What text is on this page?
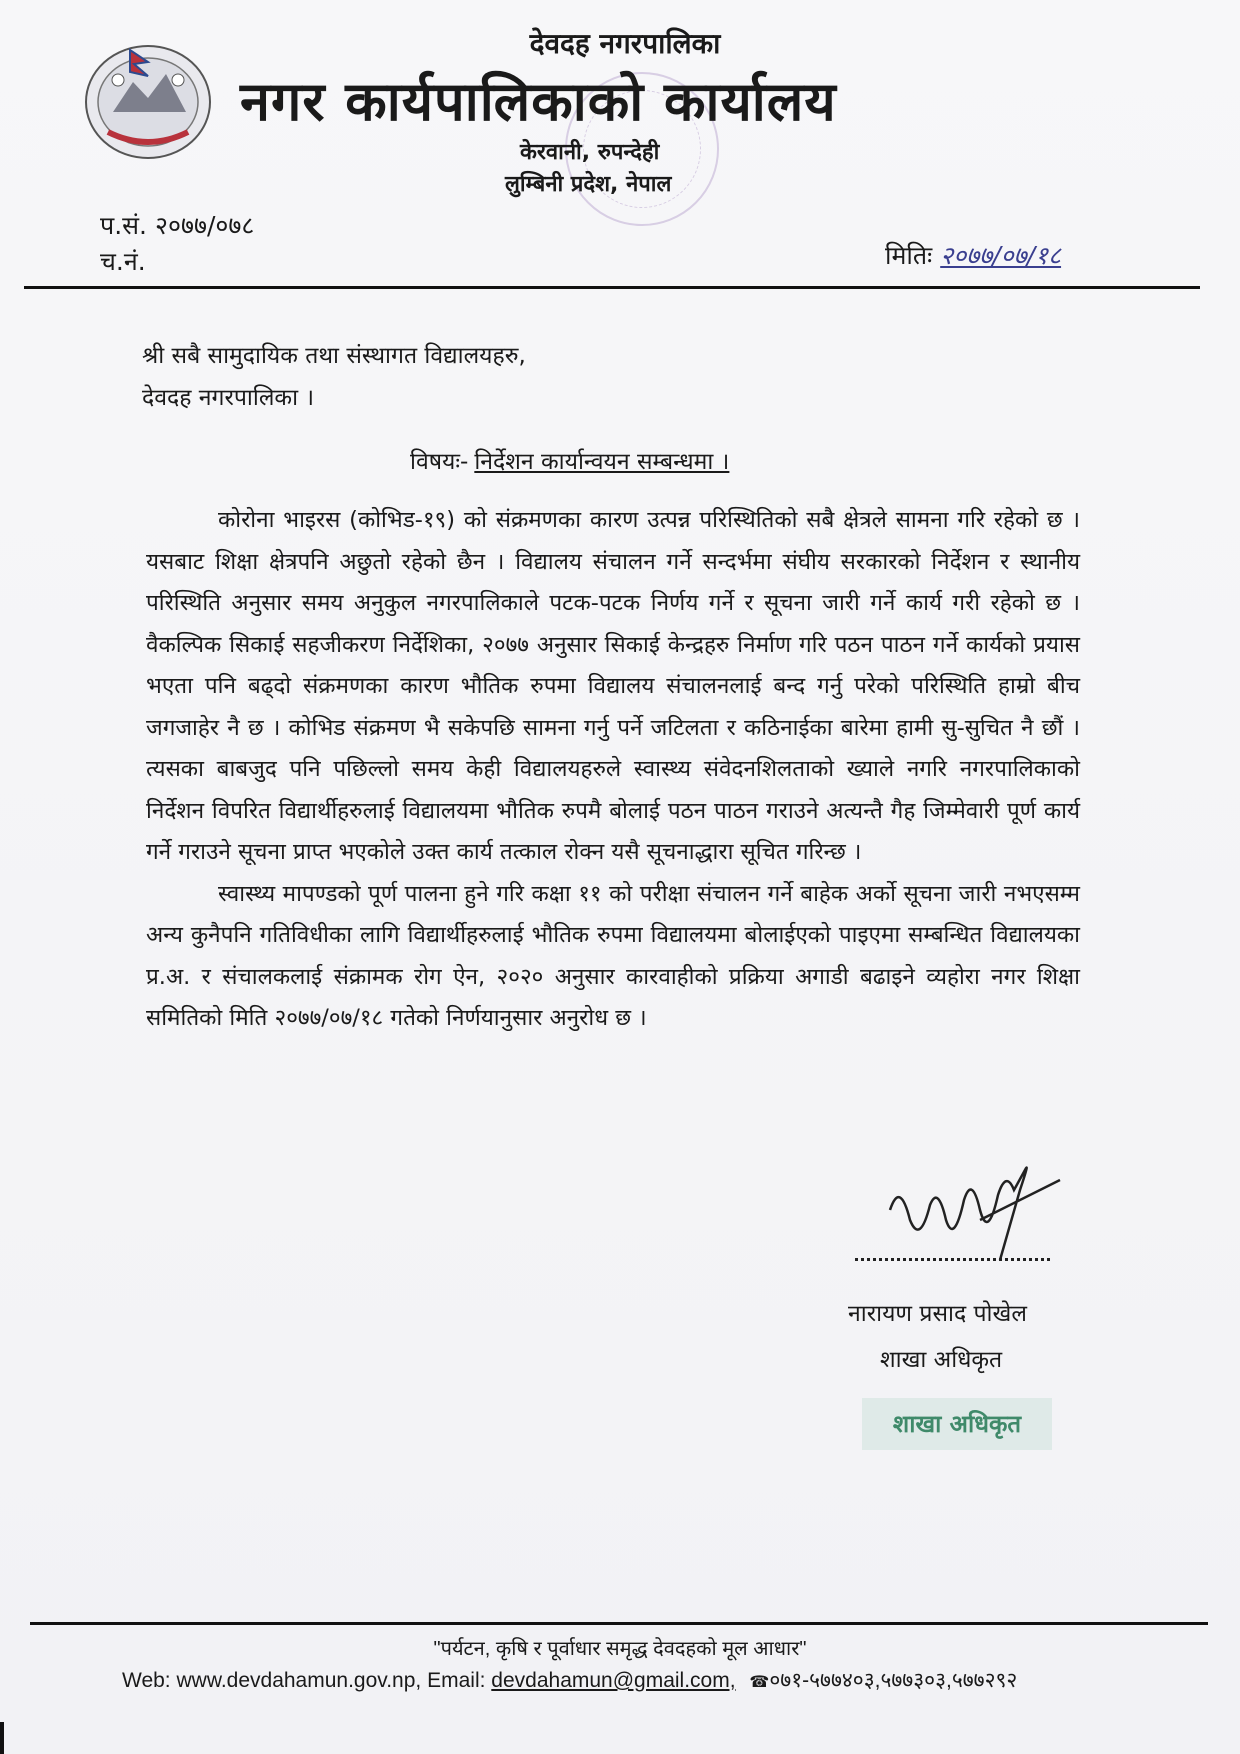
देवदह नगरपालिका
नगर कार्यपालिकाको कार्यालय
केरवानी, रुपन्देही
लुम्बिनी प्रदेश, नेपाल
प.सं. २०७७/०७८
च.नं.	मितिः २०७७/०७/१८
श्री सबै सामुदायिक तथा संस्थागत विद्यालयहरु,
देवदह नगरपालिका ।
विषयः- निर्देशन कार्यान्वयन सम्बन्धमा ।

कोरोना भाइरस (कोभिड-१९) को संक्रमणका कारण उत्पन्न परिस्थितिको सबै क्षेत्रले सामना गरि रहेको छ । यसबाट शिक्षा क्षेत्रपनि अछुतो रहेको छैन । विद्यालय संचालन गर्ने सन्दर्भमा संघीय सरकारको निर्देशन र स्थानीय परिस्थिति अनुसार समय अनुकुल नगरपालिकाले पटक-पटक निर्णय गर्ने र सूचना जारी गर्ने कार्य गरी रहेको छ । वैकल्पिक सिकाई सहजीकरण निर्देशिका, २०७७ अनुसार सिकाई केन्द्रहरु निर्माण गरि पठन पाठन गर्ने कार्यको प्रयास भएता पनि बढ्दो संक्रमणका कारण भौतिक रुपमा विद्यालय संचालनलाई बन्द गर्नु परेको परिस्थिति हाम्रो बीच जगजाहेर नै छ । कोभिड संक्रमण भै सकेपछि सामना गर्नु पर्ने जटिलता र कठिनाईका बारेमा हामी सु-सुचित नै छौं । त्यसका बाबजुद पनि पछिल्लो समय केही विद्यालयहरुले स्वास्थ्य संवेदनशिलताको ख्याले नगरि नगरपालिकाको निर्देशन विपरित विद्यार्थीहरुलाई विद्यालयमा भौतिक रुपमै बोलाई पठन पाठन गराउने अत्यन्तै गैह जिम्मेवारी पूर्ण कार्य गर्ने गराउने सूचना प्राप्त भएकोले उक्त कार्य तत्काल रोक्न यसै सूचनाद्धारा सूचित गरिन्छ ।

स्वास्थ्य मापण्डको पूर्ण पालना हुने गरि कक्षा ११ को परीक्षा संचालन गर्ने बाहेक अर्को सूचना जारी नभएसम्म अन्य कुनैपनि गतिविधीका लागि विद्यार्थीहरुलाई भौतिक रुपमा विद्यालयमा बोलाईएको पाइएमा सम्बन्धित विद्यालयका प्र.अ. र संचालकलाई संक्रामक रोग ऐन, २०२० अनुसार कारवाहीको प्रक्रिया अगाडी बढाइने व्यहोरा नगर शिक्षा समितिको मिति २०७७/०७/१८ गतेको निर्णयानुसार अनुरोध छ ।

नारायण प्रसाद पोखेल
शाखा अधिकृत
शाखा अधिकृत
"पर्यटन, कृषि र पूर्वाधार समृद्ध देवदहको मूल आधार"
Web: www.devdahamun.gov.np, Email: devdahamun@gmail.com, ☎०७१-५७७४०३,५७७३०३,५७७२९२
